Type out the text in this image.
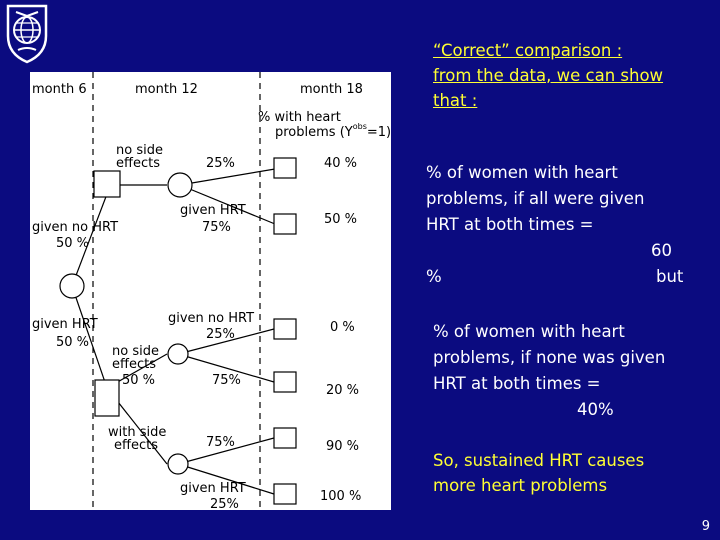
month 6	month 12	month 18
% with heart
problems $(Y^{obs}=1)$
no side
effects	25%
given HRT
75%
given no HRT
50 %
given HRT
50 %
given no HRT
25%
no side
effects
50 %	75%
with side
effects	75%
given HRT
25%
40 %
50 %
0 %
20 %
90 %
100 %
“Correct” comparison :
from the data, we can show
that :
% of women with heart
problems, if all were given
HRT at both times =
60
%	but
% of women with heart
problems, if none was given
HRT at both times =
40%
So, sustained HRT causes
more heart problems
9
